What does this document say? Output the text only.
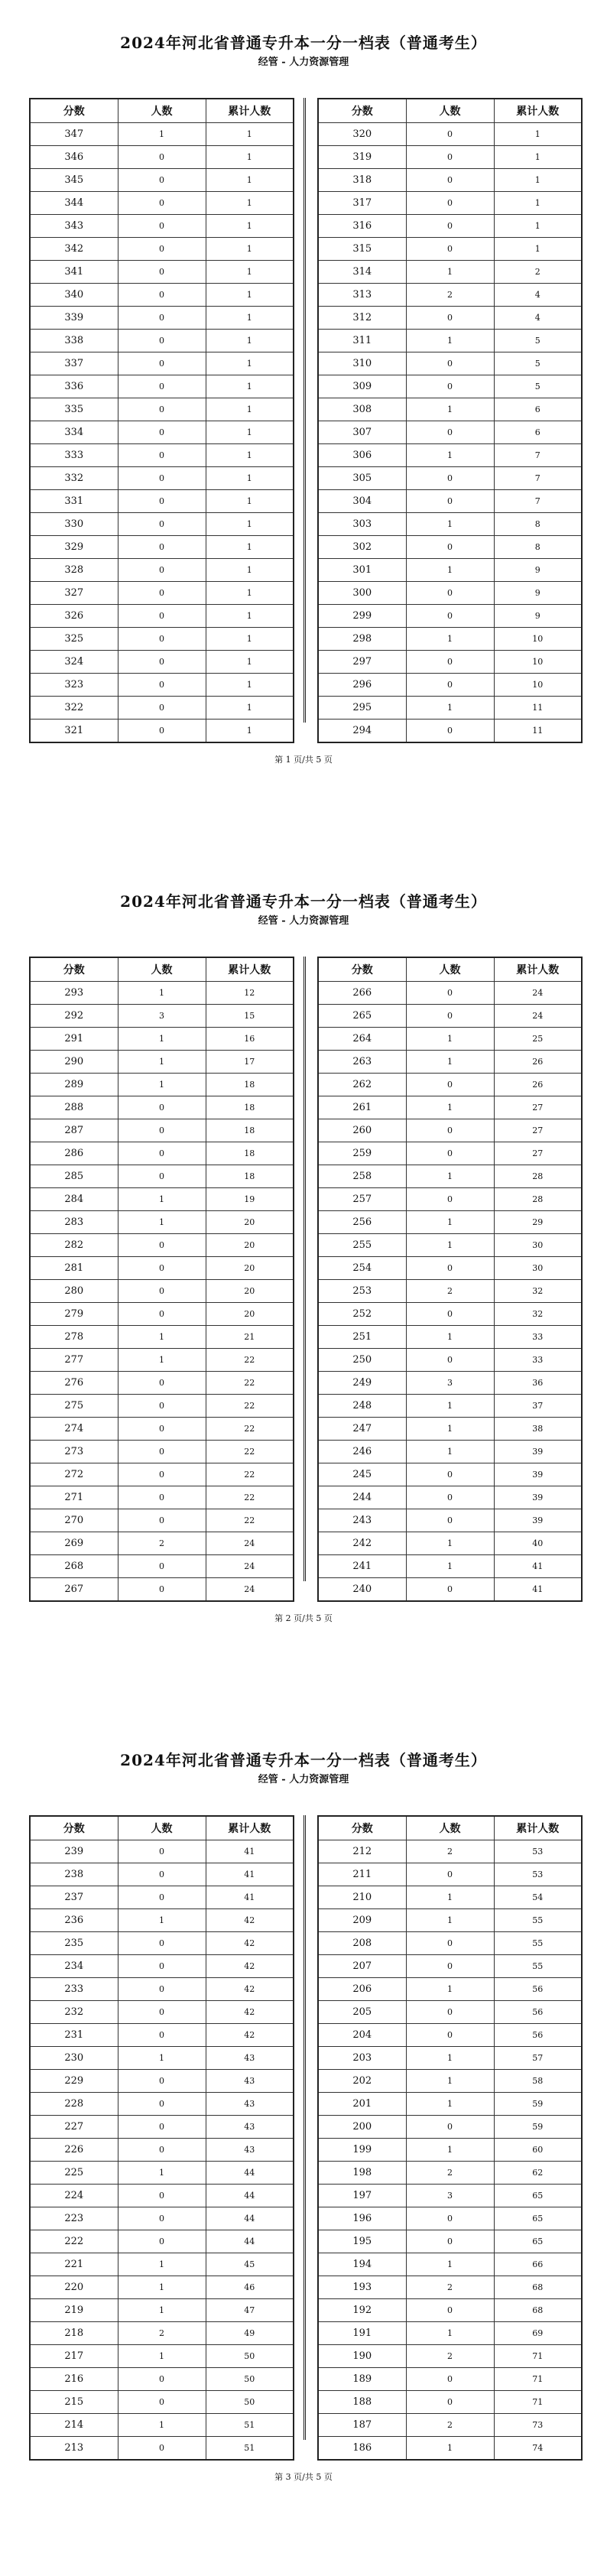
2024年河北省普通专升本一分一档表（普通考生）
经管 - 人力资源管理
分数	人数	累计人数
347	1	1
346	0	1
345	0	1
344	0	1
343	0	1
342	0	1
341	0	1
340	0	1
339	0	1
338	0	1
337	0	1
336	0	1
335	0	1
334	0	1
333	0	1
332	0	1
331	0	1
330	0	1
329	0	1
328	0	1
327	0	1
326	0	1
325	0	1
324	0	1
323	0	1
322	0	1
321	0	1
分数	人数	累计人数
320	0	1
319	0	1
318	0	1
317	0	1
316	0	1
315	0	1
314	1	2
313	2	4
312	0	4
311	1	5
310	0	5
309	0	5
308	1	6
307	0	6
306	1	7
305	0	7
304	0	7
303	1	8
302	0	8
301	1	9
300	0	9
299	0	9
298	1	10
297	0	10
296	0	10
295	1	11
294	0	11
第 1 页/共 5 页
2024年河北省普通专升本一分一档表（普通考生）
经管 - 人力资源管理
分数	人数	累计人数
293	1	12
292	3	15
291	1	16
290	1	17
289	1	18
288	0	18
287	0	18
286	0	18
285	0	18
284	1	19
283	1	20
282	0	20
281	0	20
280	0	20
279	0	20
278	1	21
277	1	22
276	0	22
275	0	22
274	0	22
273	0	22
272	0	22
271	0	22
270	0	22
269	2	24
268	0	24
267	0	24
分数	人数	累计人数
266	0	24
265	0	24
264	1	25
263	1	26
262	0	26
261	1	27
260	0	27
259	0	27
258	1	28
257	0	28
256	1	29
255	1	30
254	0	30
253	2	32
252	0	32
251	1	33
250	0	33
249	3	36
248	1	37
247	1	38
246	1	39
245	0	39
244	0	39
243	0	39
242	1	40
241	1	41
240	0	41
第 2 页/共 5 页
2024年河北省普通专升本一分一档表（普通考生）
经管 - 人力资源管理
分数	人数	累计人数
239	0	41
238	0	41
237	0	41
236	1	42
235	0	42
234	0	42
233	0	42
232	0	42
231	0	42
230	1	43
229	0	43
228	0	43
227	0	43
226	0	43
225	1	44
224	0	44
223	0	44
222	0	44
221	1	45
220	1	46
219	1	47
218	2	49
217	1	50
216	0	50
215	0	50
214	1	51
213	0	51
分数	人数	累计人数
212	2	53
211	0	53
210	1	54
209	1	55
208	0	55
207	0	55
206	1	56
205	0	56
204	0	56
203	1	57
202	1	58
201	1	59
200	0	59
199	1	60
198	2	62
197	3	65
196	0	65
195	0	65
194	1	66
193	2	68
192	0	68
191	1	69
190	2	71
189	0	71
188	0	71
187	2	73
186	1	74
第 3 页/共 5 页
